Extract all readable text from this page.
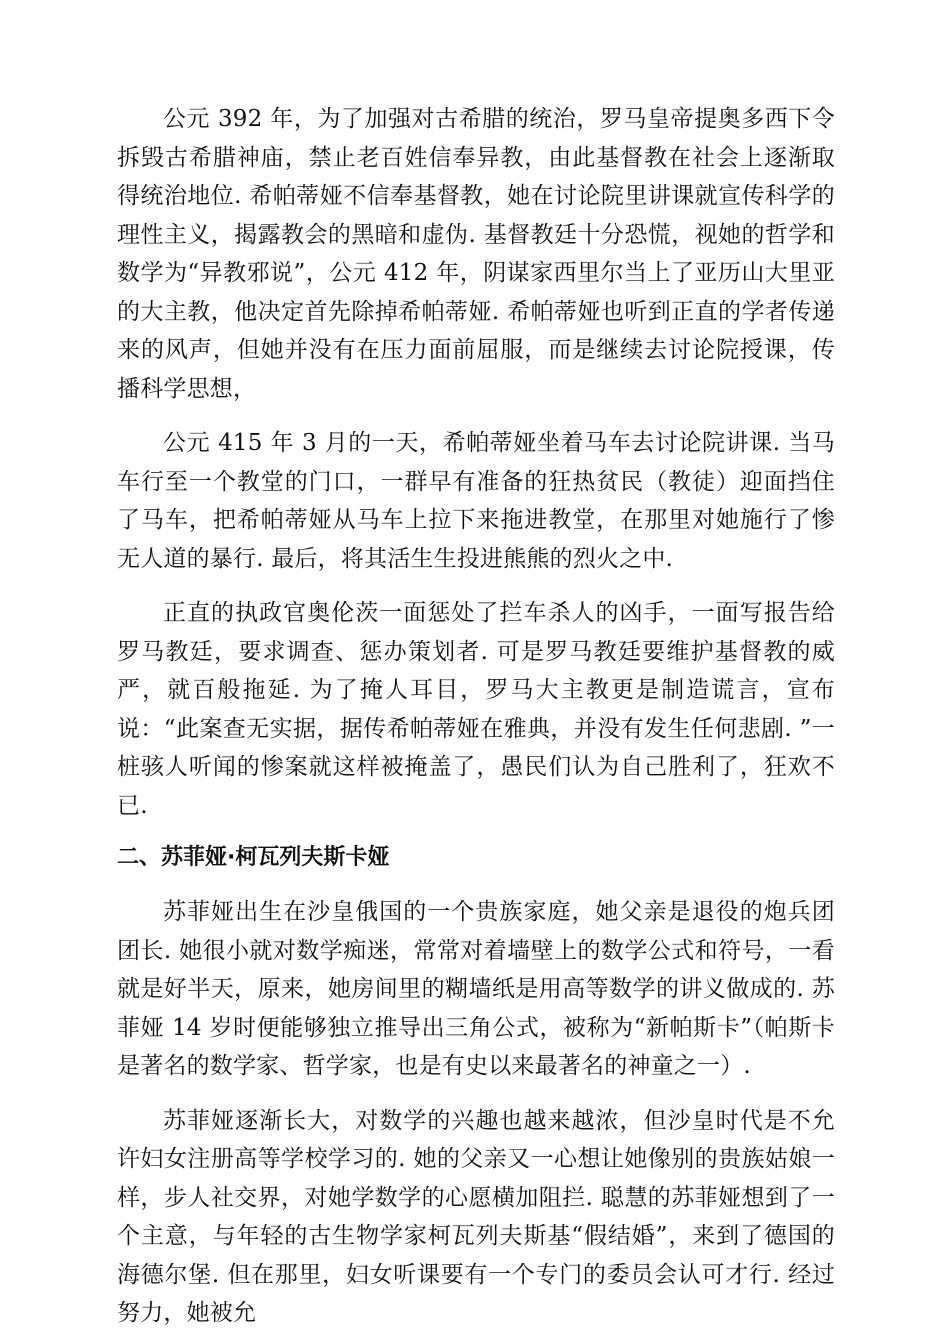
公元 392 年，为了加强对古希腊的统治，罗马皇帝提奥多西下令拆毁古希腊神庙，禁止老百姓信奉异教，由此基督教在社会上逐渐取得统治地位. 希帕蒂娅不信奉基督教，她在讨论院里讲课就宣传科学的理性主义，揭露教会的黑暗和虚伪. 基督教廷十分恐慌，视她的哲学和数学为“异教邪说”，公元 412 年，阴谋家西里尔当上了亚历山大里亚的大主教，他决定首先除掉希帕蒂娅. 希帕蒂娅也听到正直的学者传递来的风声，但她并没有在压力面前屈服，而是继续去讨论院授课，传播科学思想，

公元 415 年 3 月的一天，希帕蒂娅坐着马车去讨论院讲课. 当马车行至一个教堂的门口，一群早有准备的狂热贫民（教徒）迎面挡住了马车，把希帕蒂娅从马车上拉下来拖进教堂，在那里对她施行了惨无人道的暴行. 最后，将其活生生投进熊熊的烈火之中.

正直的执政官奥伦茨一面惩处了拦车杀人的凶手，一面写报告给罗马教廷，要求调查、惩办策划者. 可是罗马教廷要维护基督教的威严，就百般拖延. 为了掩人耳目，罗马大主教更是制造谎言，宣布说：“此案查无实据，据传希帕蒂娅在雅典，并没有发生任何悲剧. ”一桩骇人听闻的惨案就这样被掩盖了，愚民们认为自己胜利了，狂欢不已.

二、苏菲娅·柯瓦列夫斯卡娅

苏菲娅出生在沙皇俄国的一个贵族家庭，她父亲是退役的炮兵团团长. 她很小就对数学痴迷，常常对着墙壁上的数学公式和符号，一看就是好半天，原来，她房间里的糊墙纸是用高等数学的讲义做成的. 苏菲娅 14 岁时便能够独立推导出三角公式，被称为“新帕斯卡”（帕斯卡是著名的数学家、哲学家，也是有史以来最著名的神童之一）.

苏菲娅逐渐长大，对数学的兴趣也越来越浓，但沙皇时代是不允许妇女注册高等学校学习的. 她的父亲又一心想让她像别的贵族姑娘一样，步人社交界，对她学数学的心愿横加阻拦. 聪慧的苏菲娅想到了一个主意，与年轻的古生物学家柯瓦列夫斯基“假结婚”，来到了德国的海德尔堡. 但在那里，妇女听课要有一个专门的委员会认可才行. 经过努力，她被允
